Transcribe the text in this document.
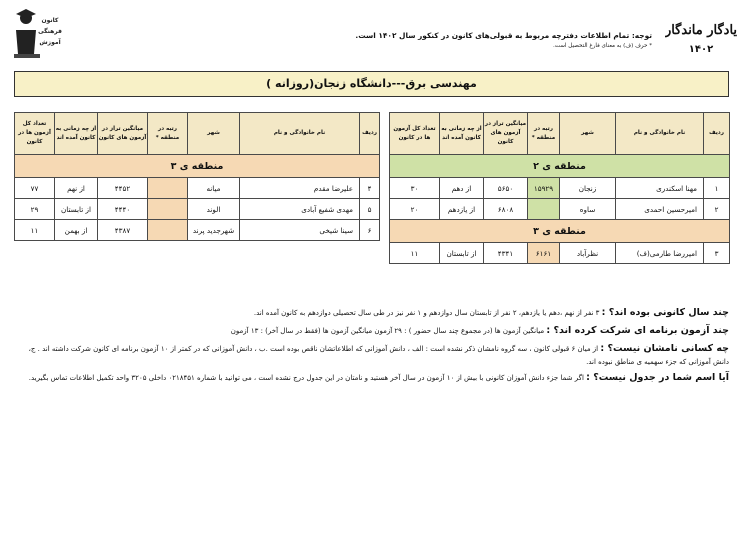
یادگار ماندگار
۱۴۰۲
کانون
فرهنگی
آموزش
توجه: تمام اطلاعات دفترچه مربوط به قبولی‌های کانون در کنکور سال ۱۴۰۲ است.
* حرف (ف) به معنای فارغ التحصیل است.
مهندسی برق---دانشگاه زنجان(روزانه )
ردیف	نام خانوادگی و نام	شهر	رتبه در منطقه *	میانگین تراز در آزمون های کانون	از چه زمانی به کانون آمده اند	تعداد کل آزمون ها در کانون
منطقه ی ۲						
۱	مهنا اسکندری	زنجان	۱۵۹۲۹	۵۶۵۰	از دهم	۳۰
۲	امیرحسین احمدی	ساوه		۶۸۰۸	از یازدهم	۲۰
منطقه ی ۳						
۳	امیررضا طارمی(ف)	نظرآباد	۶۱۶۱	۴۳۴۱	از تابستان	۱۱
ردیف	نام خانوادگی و نام	شهر	رتبه در منطقه *	میانگین تراز در آزمون های کانون	از چه زمانی به کانون آمده اند	تعداد کل آزمون ها در کانون
منطقه ی ۳						
۴	علیرضا مقدم	میانه		۴۴۵۲	از نهم	۷۷
۵	مهدی شفیع آبادی	الوند		۴۴۴۰	از تابستان	۲۹
۶	سینا شیخی	شهرجدید پرند		۴۳۸۷	از بهمن	۱۱

چند سال کانونی بوده اند؟ : ۳ نفر از نهم ،دهم یا یازدهم، ۲ نفر از تابستان سال دوازدهم و ۱ نفر نیز در طی سال تحصیلی دوازدهم به کانون آمده اند.

چند آزمون برنامه ای شرکت کرده اند؟ : میانگین آزمون ها (در مجموع چند سال حضور ) : ۲۹ آزمون میانگین آزمون ها (فقط در سال آخر) : ۱۳ آزمون

چه کسانی نامشان نیست؟ : از میان ۶ قبولی کانون ، سه گروه نامشان ذکر نشده است : الف ، دانش آموزانی که اطلاعاتشان ناقص بوده است .ب ، دانش آموزانی که در کمتر از ۱۰ آزمون برنامه ای کانون شرکت داشته اند . ج، دانش آموزانی که جزء سهمیه ی مناطق نبوده اند.

آیا اسم شما در جدول نیست؟ : اگر شما جزء دانش آموزان کانونی با بیش از ۱۰ آزمون در سال آخر هستید و نامتان در این جدول درج نشده است ، می توانید با شماره ۰۲۱۸۴۵۱ داخلی ۳۲۰۵ واحد تکمیل اطلاعات تماس بگیرید.
